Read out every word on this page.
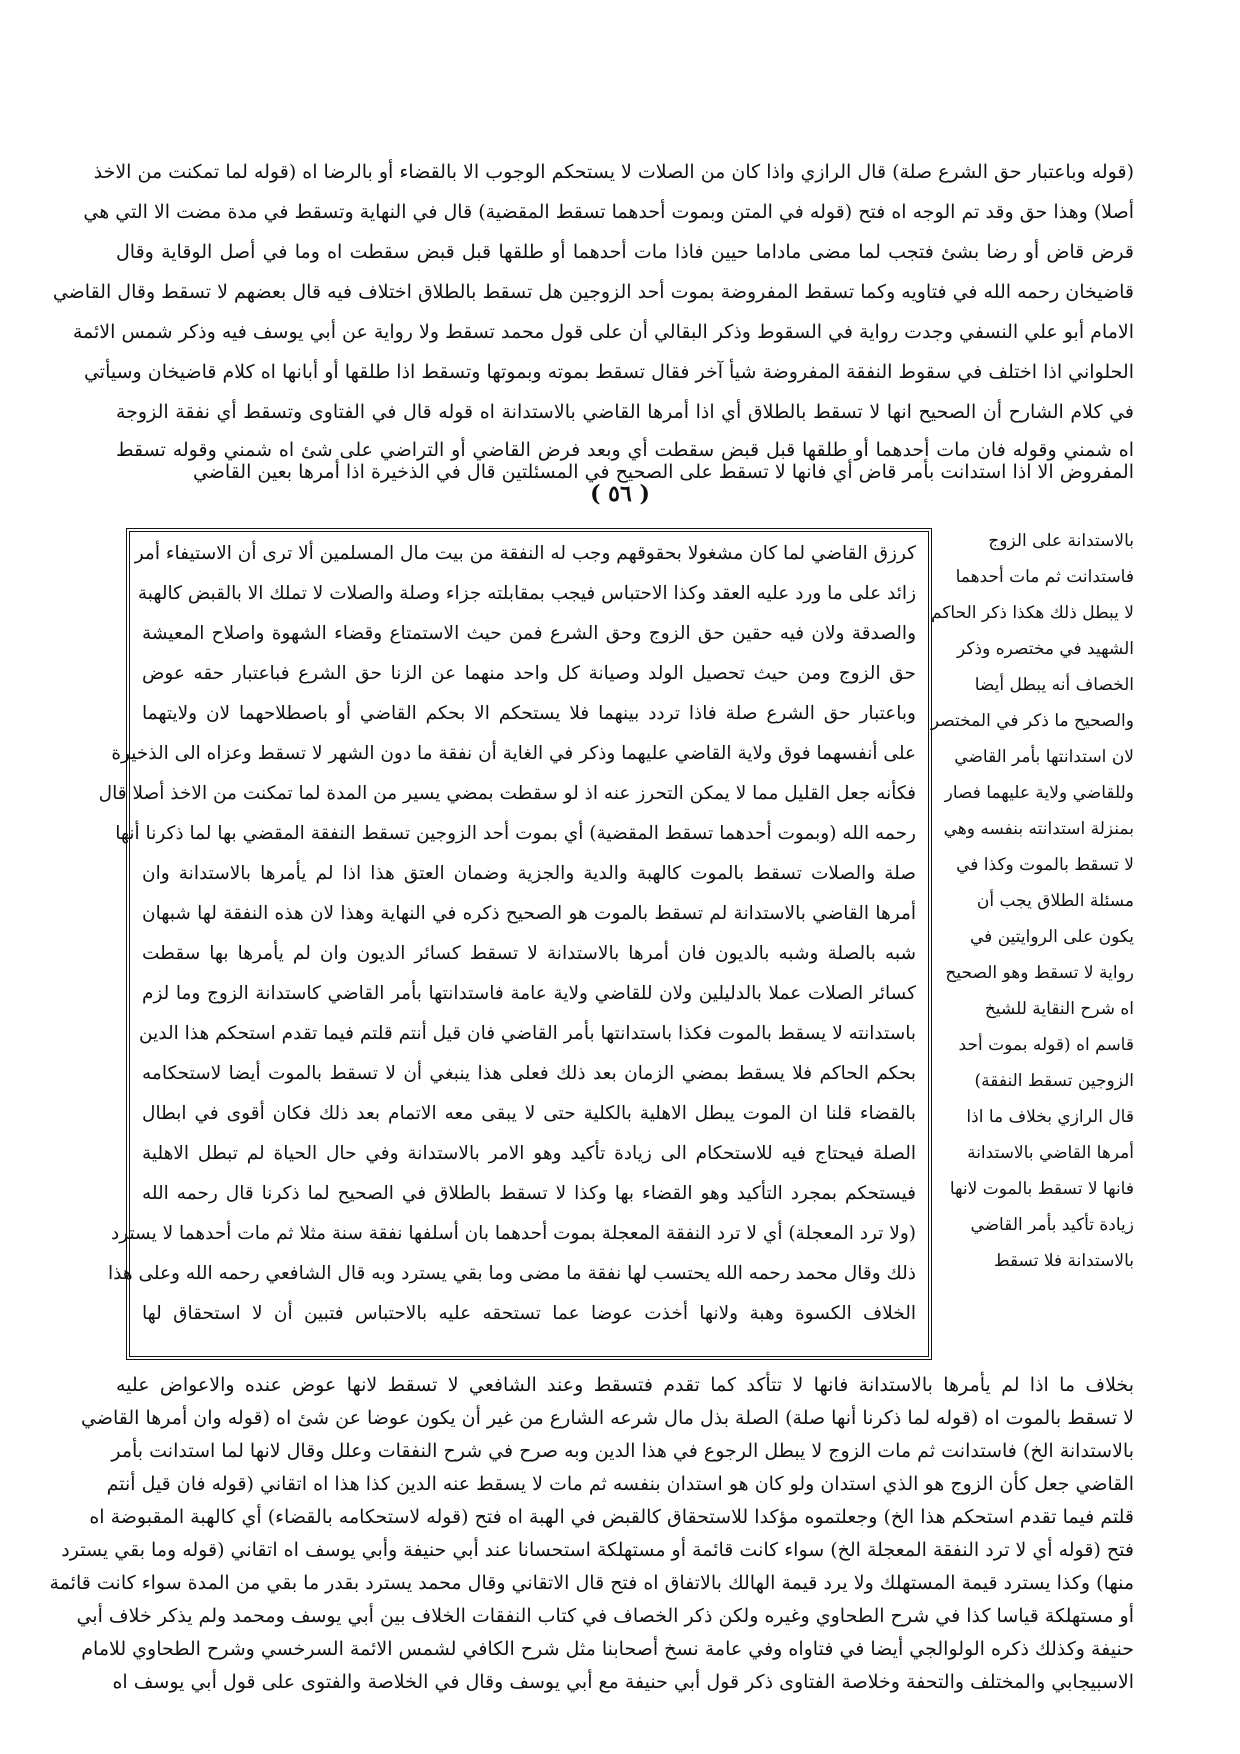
(قوله وباعتبار حق الشرع صلة) قال الرازي واذا كان من الصلات لا يستحكم الوجوب الا بالقضاء أو بالرضا اه (قوله لما تمكنت من الاخذ
أصلا) وهذا حق وقد تم الوجه اه فتح (قوله في المتن وبموت أحدهما تسقط المقضية) قال في النهاية وتسقط في مدة مضت الا التي هي
قرض قاض أو رضا بشئ فتجب لما مضى ماداما حيين فاذا مات أحدهما أو طلقها قبل قبض سقطت اه وما في أصل الوقاية وقال
قاضيخان رحمه الله في فتاويه وكما تسقط المفروضة بموت أحد الزوجين هل تسقط بالطلاق اختلاف فيه قال بعضهم لا تسقط وقال القاضي
الامام أبو علي النسفي وجدت رواية في السقوط وذكر البقالي أن على قول محمد تسقط ولا رواية عن أبي يوسف فيه وذكر شمس الائمة
الحلواني اذا اختلف في سقوط النفقة المفروضة شيأ آخر فقال تسقط بموته وبموتها وتسقط اذا طلقها أو أبانها اه كلام قاضيخان وسيأتي
في كلام الشارح أن الصحيح انها لا تسقط بالطلاق أي اذا أمرها القاضي بالاستدانة اه قوله قال في الفتاوى وتسقط أي نفقة الزوجة
اه شمني وقوله فان مات أحدهما أو طلقها قبل قبض سقطت أي وبعد فرض القاضي أو التراضي على شئ اه شمني وقوله تسقط
المفروض الا اذا استدانت بأمر قاض أي فانها لا تسقط على الصحيح في المسئلتين قال في الذخيرة اذا أمرها بعين القاضي
( ٥٦ )
بالاستدانة على الزوج
فاستدانت ثم مات أحدهما
لا يبطل ذلك هكذا ذكر الحاكم
الشهيد في مختصره وذكر
الخصاف أنه يبطل أيضا
والصحيح ما ذكر في المختصر
لان استدانتها بأمر القاضي
وللقاضي ولاية عليهما فصار
بمنزلة استدانته بنفسه وهي
لا تسقط بالموت وكذا في
مسئلة الطلاق يجب أن
يكون على الروايتين في
رواية لا تسقط وهو الصحيح
اه شرح النقاية للشيخ
قاسم اه (قوله بموت أحد
الزوجين تسقط النفقة)
قال الرازي بخلاف ما اذا
أمرها القاضي بالاستدانة
فانها لا تسقط بالموت لانها
زيادة تأكيد بأمر القاضي
بالاستدانة فلا تسقط
كرزق القاضي لما كان مشغولا بحقوقهم وجب له النفقة من بيت مال المسلمين ألا ترى أن الاستيفاء أمر
زائد على ما ورد عليه العقد وكذا الاحتباس فيجب بمقابلته جزاء وصلة والصلات لا تملك الا بالقبض كالهبة
والصدقة ولان فيه حقين حق الزوج وحق الشرع فمن حيث الاستمتاع وقضاء الشهوة واصلاح المعيشة
حق الزوج ومن حيث تحصيل الولد وصيانة كل واحد منهما عن الزنا حق الشرع فباعتبار حقه عوض
وباعتبار حق الشرع صلة فاذا تردد بينهما فلا يستحكم الا بحكم القاضي أو باصطلاحهما لان ولايتهما
على أنفسهما فوق ولاية القاضي عليهما وذكر في الغاية أن نفقة ما دون الشهر لا تسقط وعزاه الى الذخيرة
فكأنه جعل القليل مما لا يمكن التحرز عنه اذ لو سقطت بمضي يسير من المدة لما تمكنت من الاخذ أصلا قال
رحمه الله (وبموت أحدهما تسقط المقضية) أي بموت أحد الزوجين تسقط النفقة المقضي بها لما ذكرنا أنها
صلة والصلات تسقط بالموت كالهبة والدية والجزية وضمان العتق هذا اذا لم يأمرها بالاستدانة وان
أمرها القاضي بالاستدانة لم تسقط بالموت هو الصحيح ذكره في النهاية وهذا لان هذه النفقة لها شبهان
شبه بالصلة وشبه بالديون فان أمرها بالاستدانة لا تسقط كسائر الديون وان لم يأمرها بها سقطت
كسائر الصلات عملا بالدليلين ولان للقاضي ولاية عامة فاستدانتها بأمر القاضي كاستدانة الزوج وما لزم
باستدانته لا يسقط بالموت فكذا باستدانتها بأمر القاضي فان قيل أنتم قلتم فيما تقدم استحكم هذا الدين
بحكم الحاكم فلا يسقط بمضي الزمان بعد ذلك فعلى هذا ينبغي أن لا تسقط بالموت أيضا لاستحكامه
بالقضاء قلنا ان الموت يبطل الاهلية بالكلية حتى لا يبقى معه الاتمام بعد ذلك فكان أقوى في ابطال
الصلة فيحتاج فيه للاستحكام الى زيادة تأكيد وهو الامر بالاستدانة وفي حال الحياة لم تبطل الاهلية
فيستحكم بمجرد التأكيد وهو القضاء بها وكذا لا تسقط بالطلاق في الصحيح لما ذكرنا قال رحمه الله
(ولا ترد المعجلة) أي لا ترد النفقة المعجلة بموت أحدهما بان أسلفها نفقة سنة مثلا ثم مات أحدهما لا يسترد
ذلك وقال محمد رحمه الله يحتسب لها نفقة ما مضى وما بقي يسترد وبه قال الشافعي رحمه الله وعلى هذا
الخلاف الكسوة وهبة ولانها أخذت عوضا عما تستحقه عليه بالاحتباس فتبين أن لا استحقاق لها
بخلاف ما اذا لم يأمرها بالاستدانة فانها لا تتأكد كما تقدم فتسقط وعند الشافعي لا تسقط لانها عوض عنده والاعواض عليه
لا تسقط بالموت اه (قوله لما ذكرنا أنها صلة) الصلة بذل مال شرعه الشارع من غير أن يكون عوضا عن شئ اه (قوله وان أمرها القاضي
بالاستدانة الخ) فاستدانت ثم مات الزوج لا يبطل الرجوع في هذا الدين وبه صرح في شرح النفقات وعلل وقال لانها لما استدانت بأمر
القاضي جعل كأن الزوج هو الذي استدان ولو كان هو استدان بنفسه ثم مات لا يسقط عنه الدين كذا هذا اه اتقاني (قوله فان قيل أنتم
قلتم فيما تقدم استحكم هذا الخ) وجعلتموه مؤكدا للاستحقاق كالقبض في الهبة اه فتح (قوله لاستحكامه بالقضاء) أي كالهبة المقبوضة اه
فتح (قوله أي لا ترد النفقة المعجلة الخ) سواء كانت قائمة أو مستهلكة استحسانا عند أبي حنيفة وأبي يوسف اه اتقاني (قوله وما بقي يسترد
منها) وكذا يسترد قيمة المستهلك ولا يرد قيمة الهالك بالاتفاق اه فتح قال الاتقاني وقال محمد يسترد بقدر ما بقي من المدة سواء كانت قائمة
أو مستهلكة قياسا كذا في شرح الطحاوي وغيره ولكن ذكر الخصاف في كتاب النفقات الخلاف بين أبي يوسف ومحمد ولم يذكر خلاف أبي
حنيفة وكذلك ذكره الولوالجي أيضا في فتاواه وفي عامة نسخ أصحابنا مثل شرح الكافي لشمس الائمة السرخسي وشرح الطحاوي للامام
الاسبيجابي والمختلف والتحفة وخلاصة الفتاوى ذكر قول أبي حنيفة مع أبي يوسف وقال في الخلاصة والفتوى على قول أبي يوسف اه
